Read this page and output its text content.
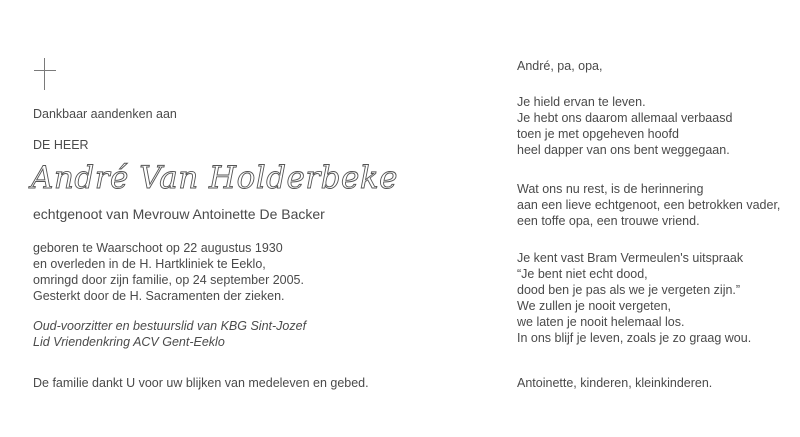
Dankbaar aandenken aan
DE HEER
André Van Holderbeke
echtgenoot van Mevrouw Antoinette De Backer
geboren te Waarschoot op 22 augustus 1930
en overleden in de H. Hartkliniek te Eeklo,
omringd door zijn familie, op 24 september 2005.
Gesterkt door de H. Sacramenten der zieken.
Oud-voorzitter en bestuurslid van KBG Sint-Jozef
Lid Vriendenkring ACV Gent-Eeklo
De familie dankt U voor uw blijken van medeleven en gebed.
André, pa, opa,
Je hield ervan te leven.
Je hebt ons daarom allemaal verbaasd
toen je met opgeheven hoofd
heel dapper van ons bent weggegaan.
Wat ons nu rest, is de herinnering
aan een lieve echtgenoot, een betrokken vader,
een toffe opa, een trouwe vriend.
Je kent vast Bram Vermeulen's uitspraak
“Je bent niet echt dood,
dood ben je pas als we je vergeten zijn.”
We zullen je nooit vergeten,
we laten je nooit helemaal los.
In ons blijf je leven, zoals je zo graag wou.
Antoinette, kinderen, kleinkinderen.
